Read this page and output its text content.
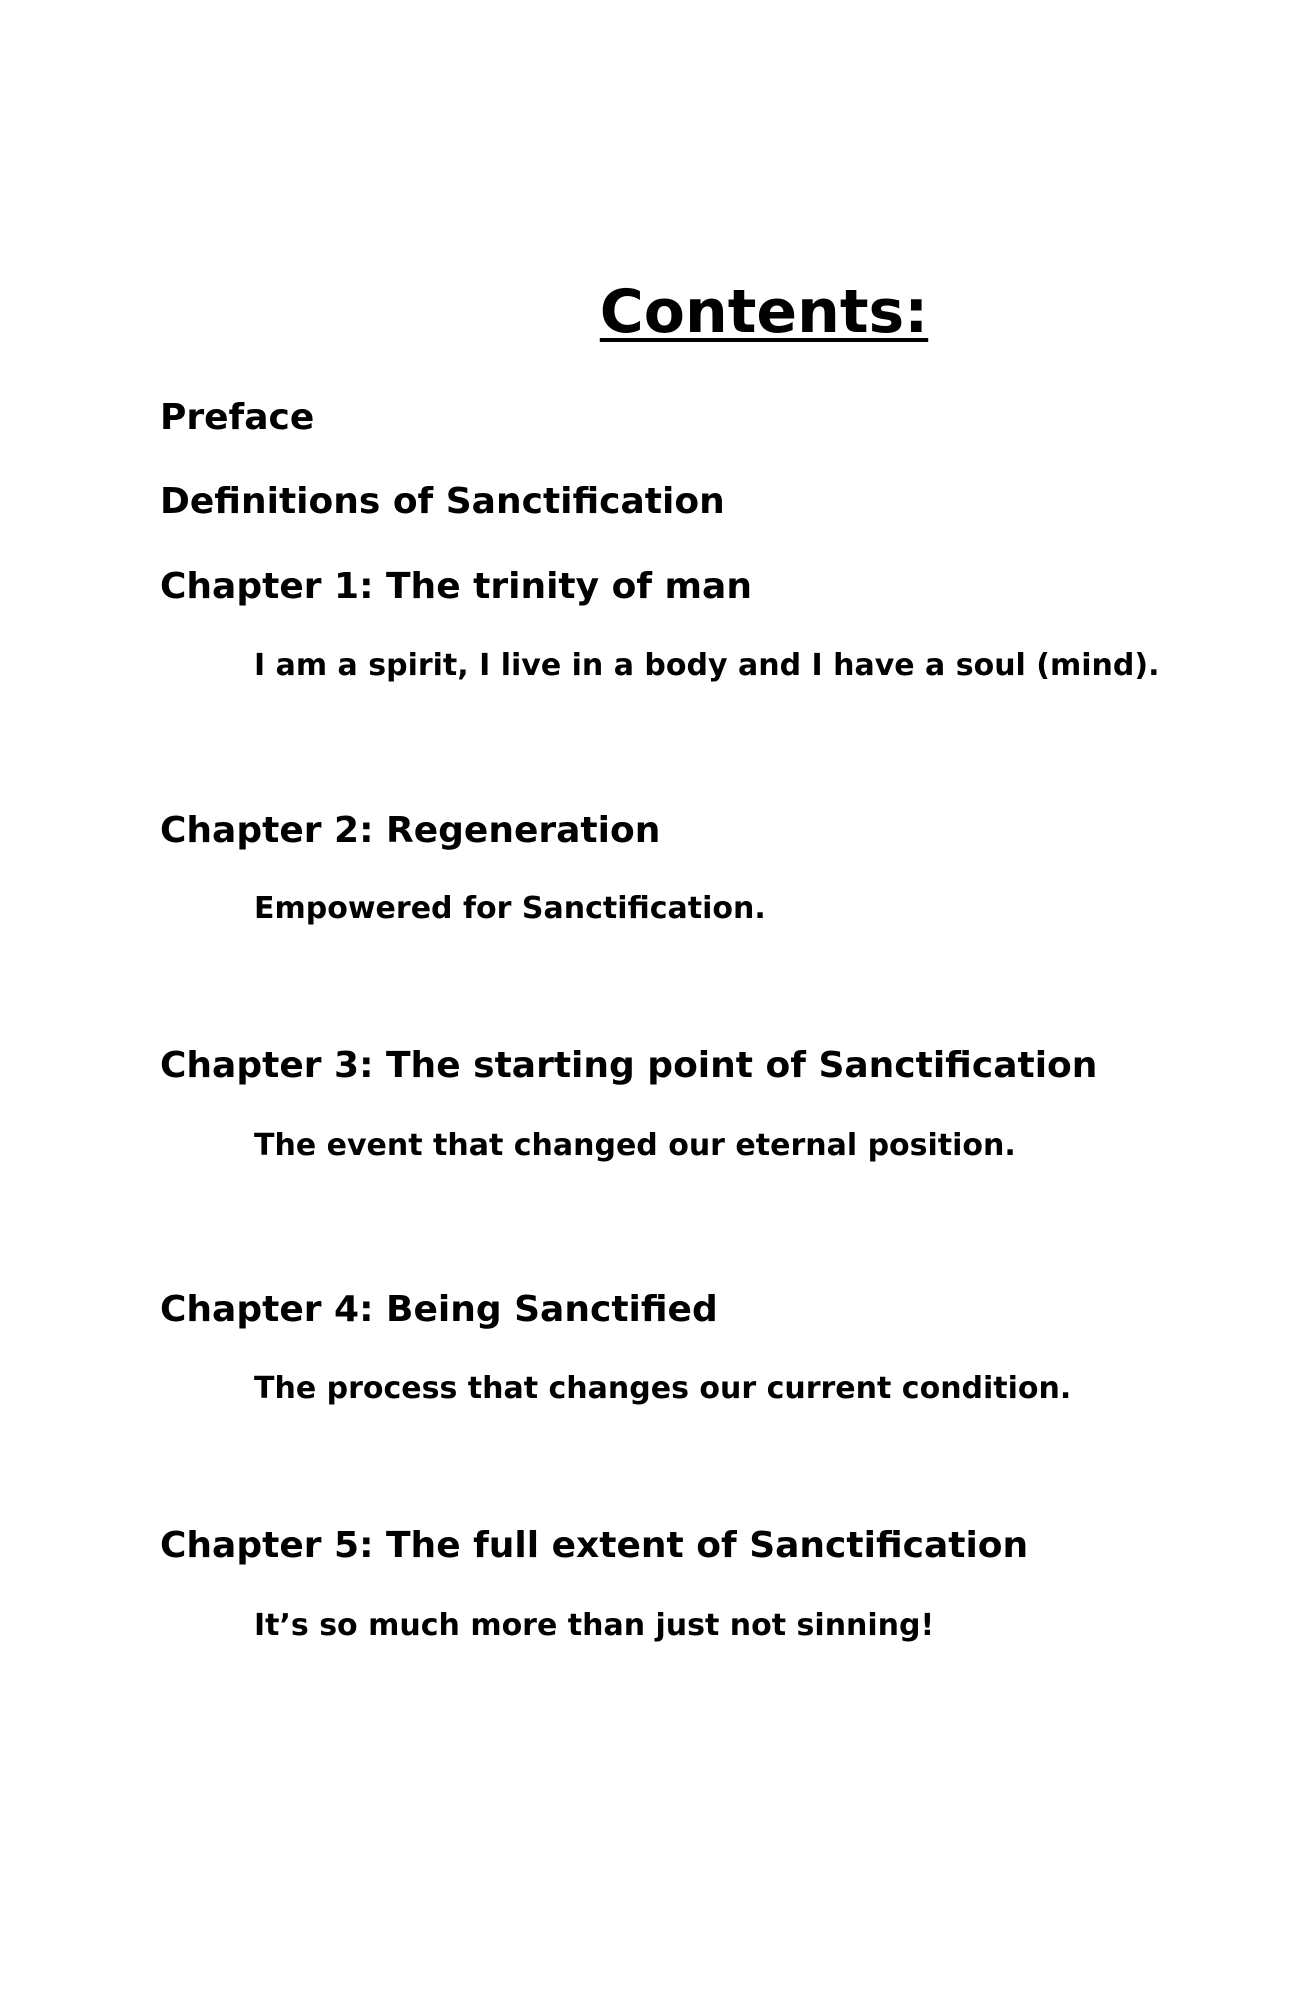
Contents:
Preface
Definitions of Sanctification
Chapter 1: The trinity of man
I am a spirit, I live in a body and I have a soul (mind).
Chapter 2: Regeneration
Empowered for Sanctification.
Chapter 3: The starting point of Sanctification
The event that changed our eternal position.
Chapter 4: Being Sanctified
The process that changes our current condition.
Chapter 5: The full extent of Sanctification
It’s so much more than just not sinning!
